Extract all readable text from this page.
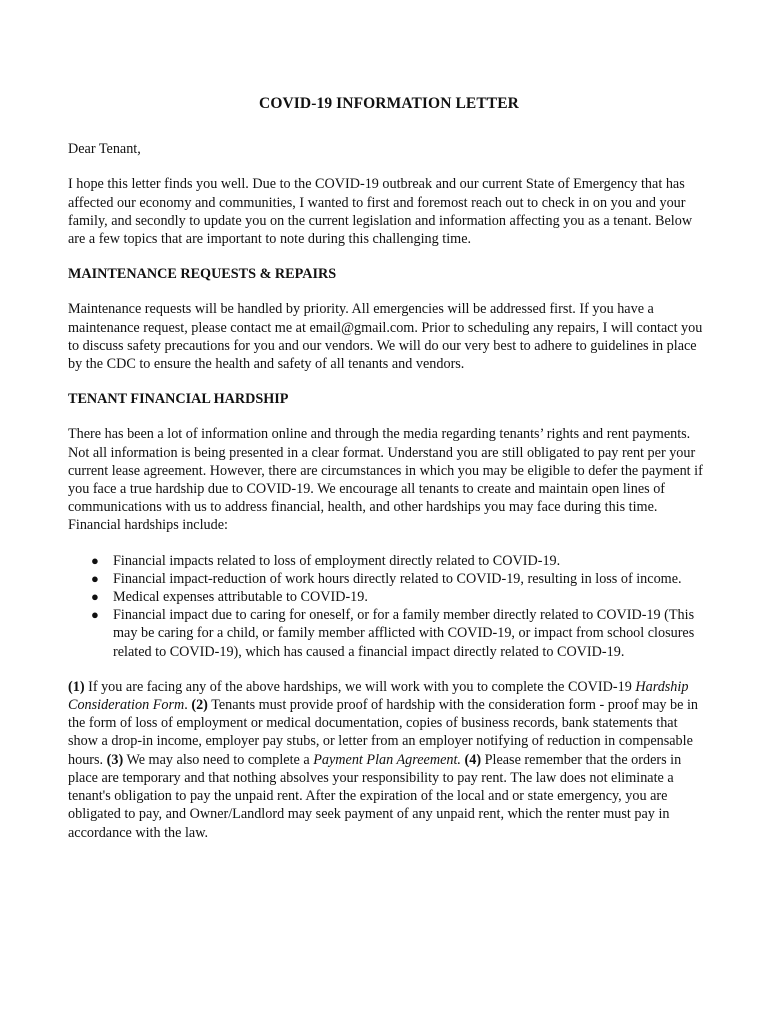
COVID-19 INFORMATION LETTER

Dear Tenant,

I hope this letter finds you well. Due to the COVID-19 outbreak and our current State of Emergency that has affected our economy and communities, I wanted to first and foremost reach out to check in on you and your family, and secondly to update you on the current legislation and information affecting you as a tenant. Below are a few topics that are important to note during this challenging time.

MAINTENANCE REQUESTS & REPAIRS

Maintenance requests will be handled by priority. All emergencies will be addressed first. If you have a maintenance request, please contact me at email@gmail.com. Prior to scheduling any repairs, I will contact you to discuss safety precautions for you and our vendors. We will do our very best to adhere to guidelines in place by the CDC to ensure the health and safety of all tenants and vendors.

TENANT FINANCIAL HARDSHIP

There has been a lot of information online and through the media regarding tenants’ rights and rent payments. Not all information is being presented in a clear format. Understand you are still obligated to pay rent per your current lease agreement. However, there are circumstances in which you may be eligible to defer the payment if you face a true hardship due to COVID-19. We encourage all tenants to create and maintain open lines of communications with us to address financial, health, and other hardships you may face during this time. Financial hardships include:

● Financial impacts related to loss of employment directly related to COVID-19.
● Financial impact-reduction of work hours directly related to COVID-19, resulting in loss of income.
● Medical expenses attributable to COVID-19.
● Financial impact due to caring for oneself, or for a family member directly related to COVID-19 (This may be caring for a child, or family member afflicted with COVID-19, or impact from school closures related to COVID-19), which has caused a financial impact directly related to COVID-19.

(1) If you are facing any of the above hardships, we will work with you to complete the COVID-19 Hardship Consideration Form. (2) Tenants must provide proof of hardship with the consideration form - proof may be in the form of loss of employment or medical documentation, copies of business records, bank statements that show a drop-in income, employer pay stubs, or letter from an employer notifying of reduction in compensable hours. (3) We may also need to complete a Payment Plan Agreement. (4) Please remember that the orders in place are temporary and that nothing absolves your responsibility to pay rent. The law does not eliminate a tenant's obligation to pay the unpaid rent. After the expiration of the local and or state emergency, you are obligated to pay, and Owner/Landlord may seek payment of any unpaid rent, which the renter must pay in accordance with the law.
